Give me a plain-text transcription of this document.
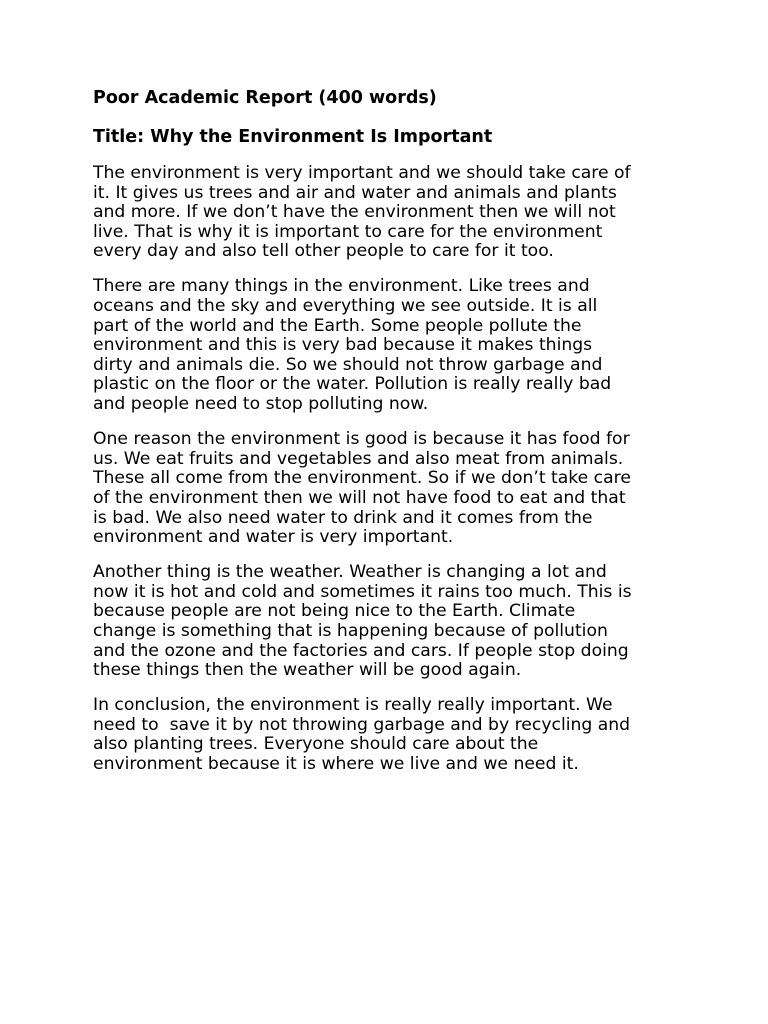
Poor Academic Report (400 words)

Title: Why the Environment Is Important

The environment is very important and we should take care of
it. It gives us trees and air and water and animals and plants
and more. If we don’t have the environment then we will not
live. That is why it is important to care for the environment
every day and also tell other people to care for it too.

There are many things in the environment. Like trees and
oceans and the sky and everything we see outside. It is all
part of the world and the Earth. Some people pollute the
environment and this is very bad because it makes things
dirty and animals die. So we should not throw garbage and
plastic on the floor or the water. Pollution is really really bad
and people need to stop polluting now.

One reason the environment is good is because it has food for
us. We eat fruits and vegetables and also meat from animals.
These all come from the environment. So if we don’t take care
of the environment then we will not have food to eat and that
is bad. We also need water to drink and it comes from the
environment and water is very important.

Another thing is the weather. Weather is changing a lot and
now it is hot and cold and sometimes it rains too much. This is
because people are not being nice to the Earth. Climate
change is something that is happening because of pollution
and the ozone and the factories and cars. If people stop doing
these things then the weather will be good again.

In conclusion, the environment is really really important. We
need to  save it by not throwing garbage and by recycling and
also planting trees. Everyone should care about the
environment because it is where we live and we need it.
